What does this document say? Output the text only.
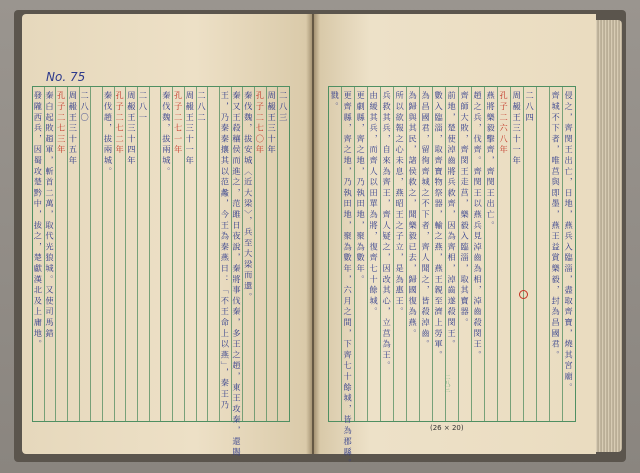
No. 75
二八三
周赧王三十年
孔子二七〇年
秦伐魏，拔安城〈近大梁〉，兵至大梁而還。
秦又王殺穰侯而進之，范雎日夜說，秦將事伐秦，多王之趙，東王攻秦，還賜
王，乃秦秦攘其以范蠡，今王為秦燕日：「不王命上以燕」，秦王乃
二八二
周赧王三十一年
孔子二七一年
秦伐魏，拔兩城。
二八一
周赧王三十四年
孔子二七二年
秦伐趙，拔兩城。
二八〇
周赧王三十五年
孔子二七三年
秦白起敗趙軍，斬首二萬，取代光狼城。又使司馬錯
發隴西兵，因蜀攻楚黔中，拔之，楚獻漢北及上庸地。	侵之，齊閔王出亡，日地，燕兵入臨淄，盡取齊寶，燒其宮廟。
齊城不下者，唯莒與即墨，燕王益賞樂毅，封為昌國君。
二八四
周赧王三十一年
孔子二六八年
燕將樂毅擊齊，齊閔王出亡。
趙之兵，伐齊。齊閔王以燕兵見淖齒為相，淖齒殺閔王。
齊師大敗，齊閔王走莒，樂毅入臨淄，取其寶器。
前地，楚使淖齒將兵救齊，因為齊相，淖齒遂殺閔王。
數入臨淄，取齊寶物祭器，輸之燕，燕王親至濟上勞軍。
為昌國君，留徇齊城之不下者，齊人聞之，皆殺淖齒。
為歸與其民，諸侯救之，聞樂毅已去，歸國復為燕。
所以欲報之心未息，燕昭王之子立，是為惠王。
兵救其兵，自來為齊王，齊人疑之，因改其心，立莒為王。
由緩其兵，而齊人以田單為將，復齊七十餘城。
更劇縣，齊之地，乃執田地，聚為數年。
更齊縣，齊之地，乃執田地，聚為數年，六月之間，下齊七十餘城，皆為郡縣。
戮。
二八三
(26 × 20)
